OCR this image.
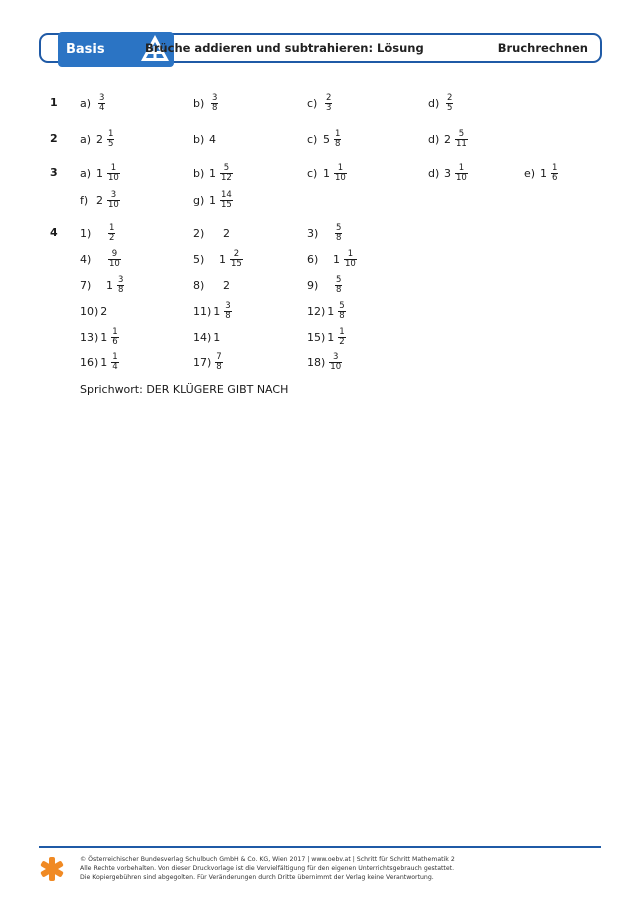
Basis	Brüche addieren und subtrahieren: Lösung	Bruchrechnen
1 $a) \frac{3}{4}$	$b) \frac{3}{8}$	$c) \frac{2}{3}$	$d) \frac{2}{5}$
2 a) $2 \frac{1}{5}$	b) 4	c) $5 \frac{1}{8}$	d) $2 \frac{5}{11}$
3 a) $1 \frac{1}{10}$	b) $1 \frac{5}{12}$	c) $1 \frac{1}{10}$	d) $3 \frac{1}{10}$	e) $1 \frac{1}{6}$
f) $2 \frac{3}{10}$	g) $1 \frac{14}{15}$
4 1)	$\frac{1}{2}$	2)	2	3)	$\frac{5}{8}$
4)	$\frac{9}{10}$	5)	$1 \frac{2}{15}$	6)	$1 \frac{1}{10}$
7)	$1 \frac{3}{8}$	8)	2	9)	$\frac{5}{8}$
10) 2	11) $1 \frac{3}{8}$	12) $1 \frac{5}{8}$
13) $1 \frac{1}{6}$	14) 1	15) $1 \frac{1}{2}$
16) $1 \frac{1}{4}$	$17) \frac{7}{8}$	$18) \frac{3}{10}$
Sprichwort: DER KLÜGERE GIBT NACH
© Österreichischer Bundesverlag Schulbuch GmbH & Co. KG, Wien 2017 | www.oebv.at | Schritt für Schritt Mathematik 2
Alle Rechte vorbehalten. Von dieser Druckvorlage ist die Vervielfältigung für den eigenen Unterrichtsgebrauch gestattet.
Die Kopiergebühren sind abgegolten. Für Veränderungen durch Dritte übernimmt der Verlag keine Verantwortung.
